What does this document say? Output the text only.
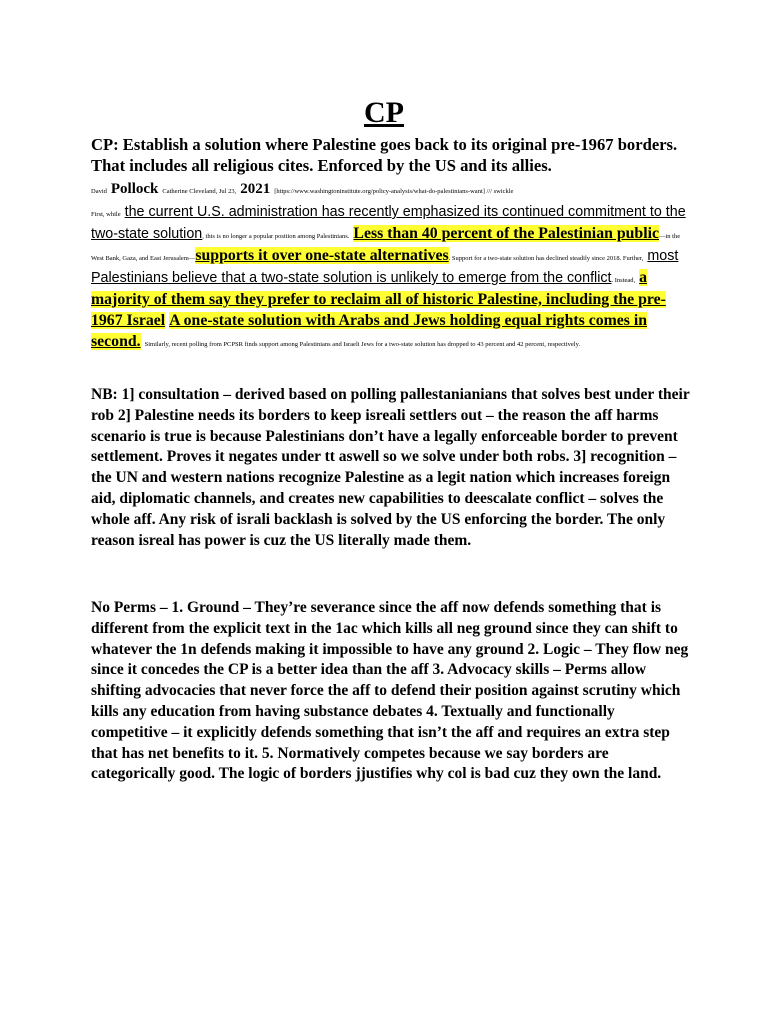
CP
CP: Establish a solution where Palestine goes back to its original pre-1967 borders. That includes all religious cites. Enforced by the US and its allies.
David Pollock Catherine Cleveland, Jul 23, 2021 [https://www.washingtoninstitute.org/policy-analysis/what-do-palestinians-want] /// swickle
First, while the current U.S. administration has recently emphasized its continued commitment to the two-state solution, this is no longer a popular position among Palestinians. Less than 40 percent of the Palestinian public—in the West Bank, Gaza, and East Jerusalem—supports it over one-state alternatives. Support for a two-state solution has declined steadily since 2018. Further, most Palestinians believe that a two-state solution is unlikely to emerge from the conflict. Instead, a majority of them say they prefer to reclaim all of historic Palestine, including the pre-1967 Israel A one-state solution with Arabs and Jews holding equal rights comes in second. Similarly, recent polling from PCPSR finds support among Palestinians and Israeli Jews for a two-state solution has dropped to 43 percent and 42 percent, respectively.
NB: 1] consultation – derived based on polling pallestanianians that solves best under their rob 2] Palestine needs its borders to keep isreali settlers out – the reason the aff harms scenario is true is because Palestinians don’t have a legally enforceable border to prevent settlement. Proves it negates under tt aswell so we solve under both robs. 3] recognition – the UN and western nations recognize Palestine as a legit nation which increases foreign aid, diplomatic channels, and creates new capabilities to deescalate conflict – solves the whole aff. Any risk of israli backlash is solved by the US enforcing the border. The only reason isreal has power is cuz the US literally made them.
No Perms – 1. Ground – They’re severance since the aff now defends something that is different from the explicit text in the 1ac which kills all neg ground since they can shift to whatever the 1n defends making it impossible to have any ground 2. Logic – They flow neg since it concedes the CP is a better idea than the aff 3. Advocacy skills – Perms allow shifting advocacies that never force the aff to defend their position against scrutiny which kills any education from having substance debates 4. Textually and functionally competitive – it explicitly defends something that isn’t the aff and requires an extra step that has net benefits to it. 5. Normatively competes because we say borders are categorically good. The logic of borders jjustifies why col is bad cuz they own the land.
